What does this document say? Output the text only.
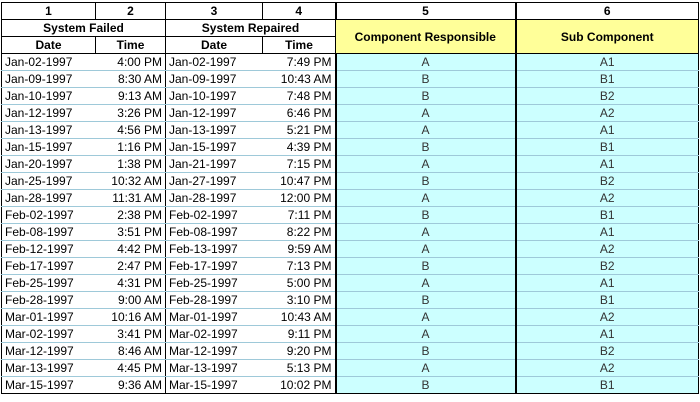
1	2	3	4	5	6
System Failed		System Repaired		Component Responsible	Sub Component
Date	Time	Date	Time		
Jan-02-1997	4:00 PM	Jan-02-1997	7:49 PM	A	A1
Jan-09-1997	8:30 AM	Jan-09-1997	10:43 AM	B	B1
Jan-10-1997	9:13 AM	Jan-10-1997	7:48 PM	B	B2
Jan-12-1997	3:26 PM	Jan-12-1997	6:46 PM	A	A2
Jan-13-1997	4:56 PM	Jan-13-1997	5:21 PM	A	A1
Jan-15-1997	1:16 PM	Jan-15-1997	4:39 PM	B	B1
Jan-20-1997	1:38 PM	Jan-21-1997	7:15 PM	A	A1
Jan-25-1997	10:32 AM	Jan-27-1997	10:47 PM	B	B2
Jan-28-1997	11:31 AM	Jan-28-1997	12:00 PM	A	A2
Feb-02-1997	2:38 PM	Feb-02-1997	7:11 PM	B	B1
Feb-08-1997	3:51 PM	Feb-08-1997	8:22 PM	A	A1
Feb-12-1997	4:42 PM	Feb-13-1997	9:59 AM	A	A2
Feb-17-1997	2:47 PM	Feb-17-1997	7:13 PM	B	B2
Feb-25-1997	4:31 PM	Feb-25-1997	5:00 PM	A	A1
Feb-28-1997	9:00 AM	Feb-28-1997	3:10 PM	B	B1
Mar-01-1997	10:16 AM	Mar-01-1997	10:43 AM	A	A2
Mar-02-1997	3:41 PM	Mar-02-1997	9:11 PM	A	A1
Mar-12-1997	8:46 AM	Mar-12-1997	9:20 PM	B	B2
Mar-13-1997	4:45 PM	Mar-13-1997	5:13 PM	A	A2
Mar-15-1997	9:36 AM	Mar-15-1997	10:02 PM	B	B1
